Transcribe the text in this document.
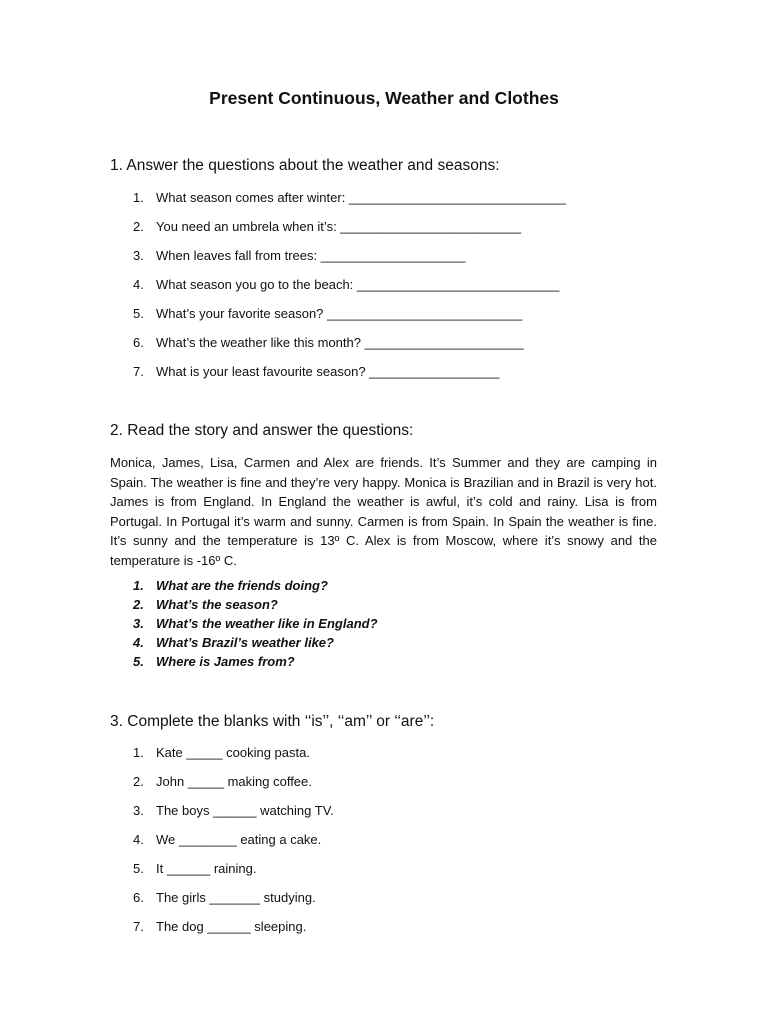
Present Continuous, Weather and Clothes
1. Answer the questions about the weather and seasons:
1. What season comes after winter: ______________________________
2. You need an umbrela when it’s: _________________________
3. When leaves fall from trees: ____________________
4. What season you go to the beach: ____________________________
5. What’s your favorite season? ___________________________
6. What’s the weather like this month? ______________________
7. What is your least favourite season? __________________
2. Read the story and answer the questions:

Monica, James, Lisa, Carmen and Alex are friends. It’s Summer and they are camping in Spain. The weather is fine and they’re very happy. Monica is Brazilian and in Brazil is very hot. James is from England. In England the weather is awful, it’s cold and rainy. Lisa is from Portugal. In Portugal it’s warm and sunny. Carmen is from Spain. In Spain the weather is fine. It’s sunny and the temperature is 13º C. Alex is from Moscow, where it’s snowy and the temperature is -16º C.

1. What are the friends doing?
2. What’s the season?
3. What’s the weather like in England?
4. What’s Brazil’s weather like?
5. Where is James from?
3. Complete the blanks with ‘‘is’’, ‘‘am’’ or ‘‘are’’:
1. Kate _____ cooking pasta.
2. John _____ making coffee.
3. The boys ______ watching TV.
4. We ________ eating a cake.
5. It ______ raining.
6. The girls _______ studying.
7. The dog ______ sleeping.
